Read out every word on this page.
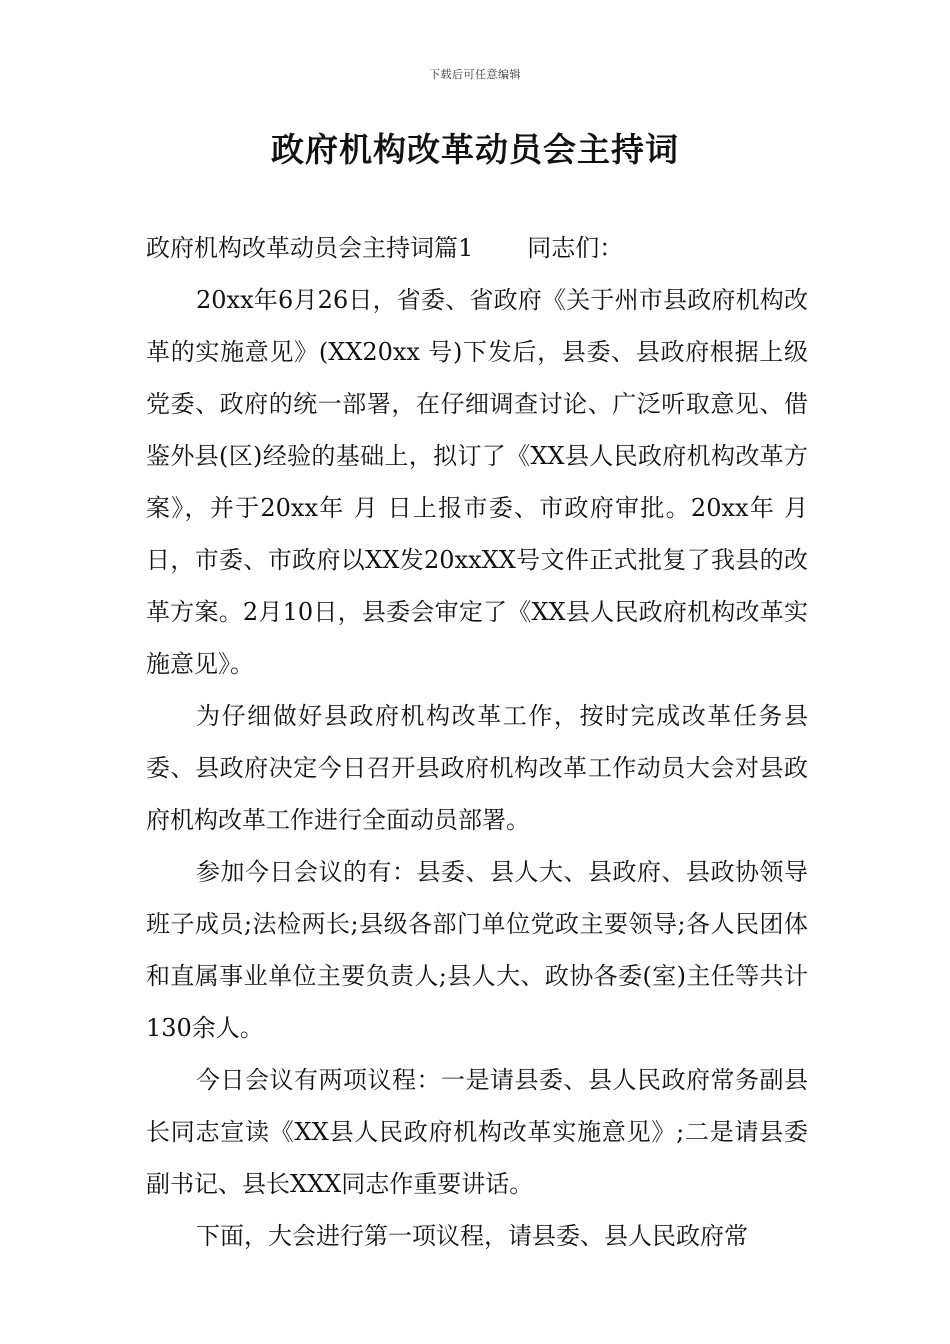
下载后可任意编辑
政府机构改革动员会主持词

政府机构改革动员会主持词篇1 同志们：

20xx年6月26日，省委、省政府《关于州市县政府机构改革的实施意见》(XX20xx 号)下发后，县委、县政府根据上级党委、政府的统一部署，在仔细调查讨论、广泛听取意见、借鉴外县(区)经验的基础上，拟订了《XX县人民政府机构改革方案》，并于20xx年 月 日上报市委、市政府审批。20xx年 月 日，市委、市政府以XX发20xxXX号文件正式批复了我县的改革方案。2月10日，县委会审定了《XX县人民政府机构改革实施意见》。

为仔细做好县政府机构改革工作，按时完成改革任务县委、县政府决定今日召开县政府机构改革工作动员大会对县政府机构改革工作进行全面动员部署。

参加今日会议的有：县委、县人大、县政府、县政协领导班子成员;法检两长;县级各部门单位党政主要领导;各人民团体和直属事业单位主要负责人;县人大、政协各委(室)主任等共计130余人。

今日会议有两项议程：一是请县委、县人民政府常务副县长同志宣读《XX县人民政府机构改革实施意见》;二是请县委副书记、县长XXX同志作重要讲话。

下面，大会进行第一项议程，请县委、县人民政府常
